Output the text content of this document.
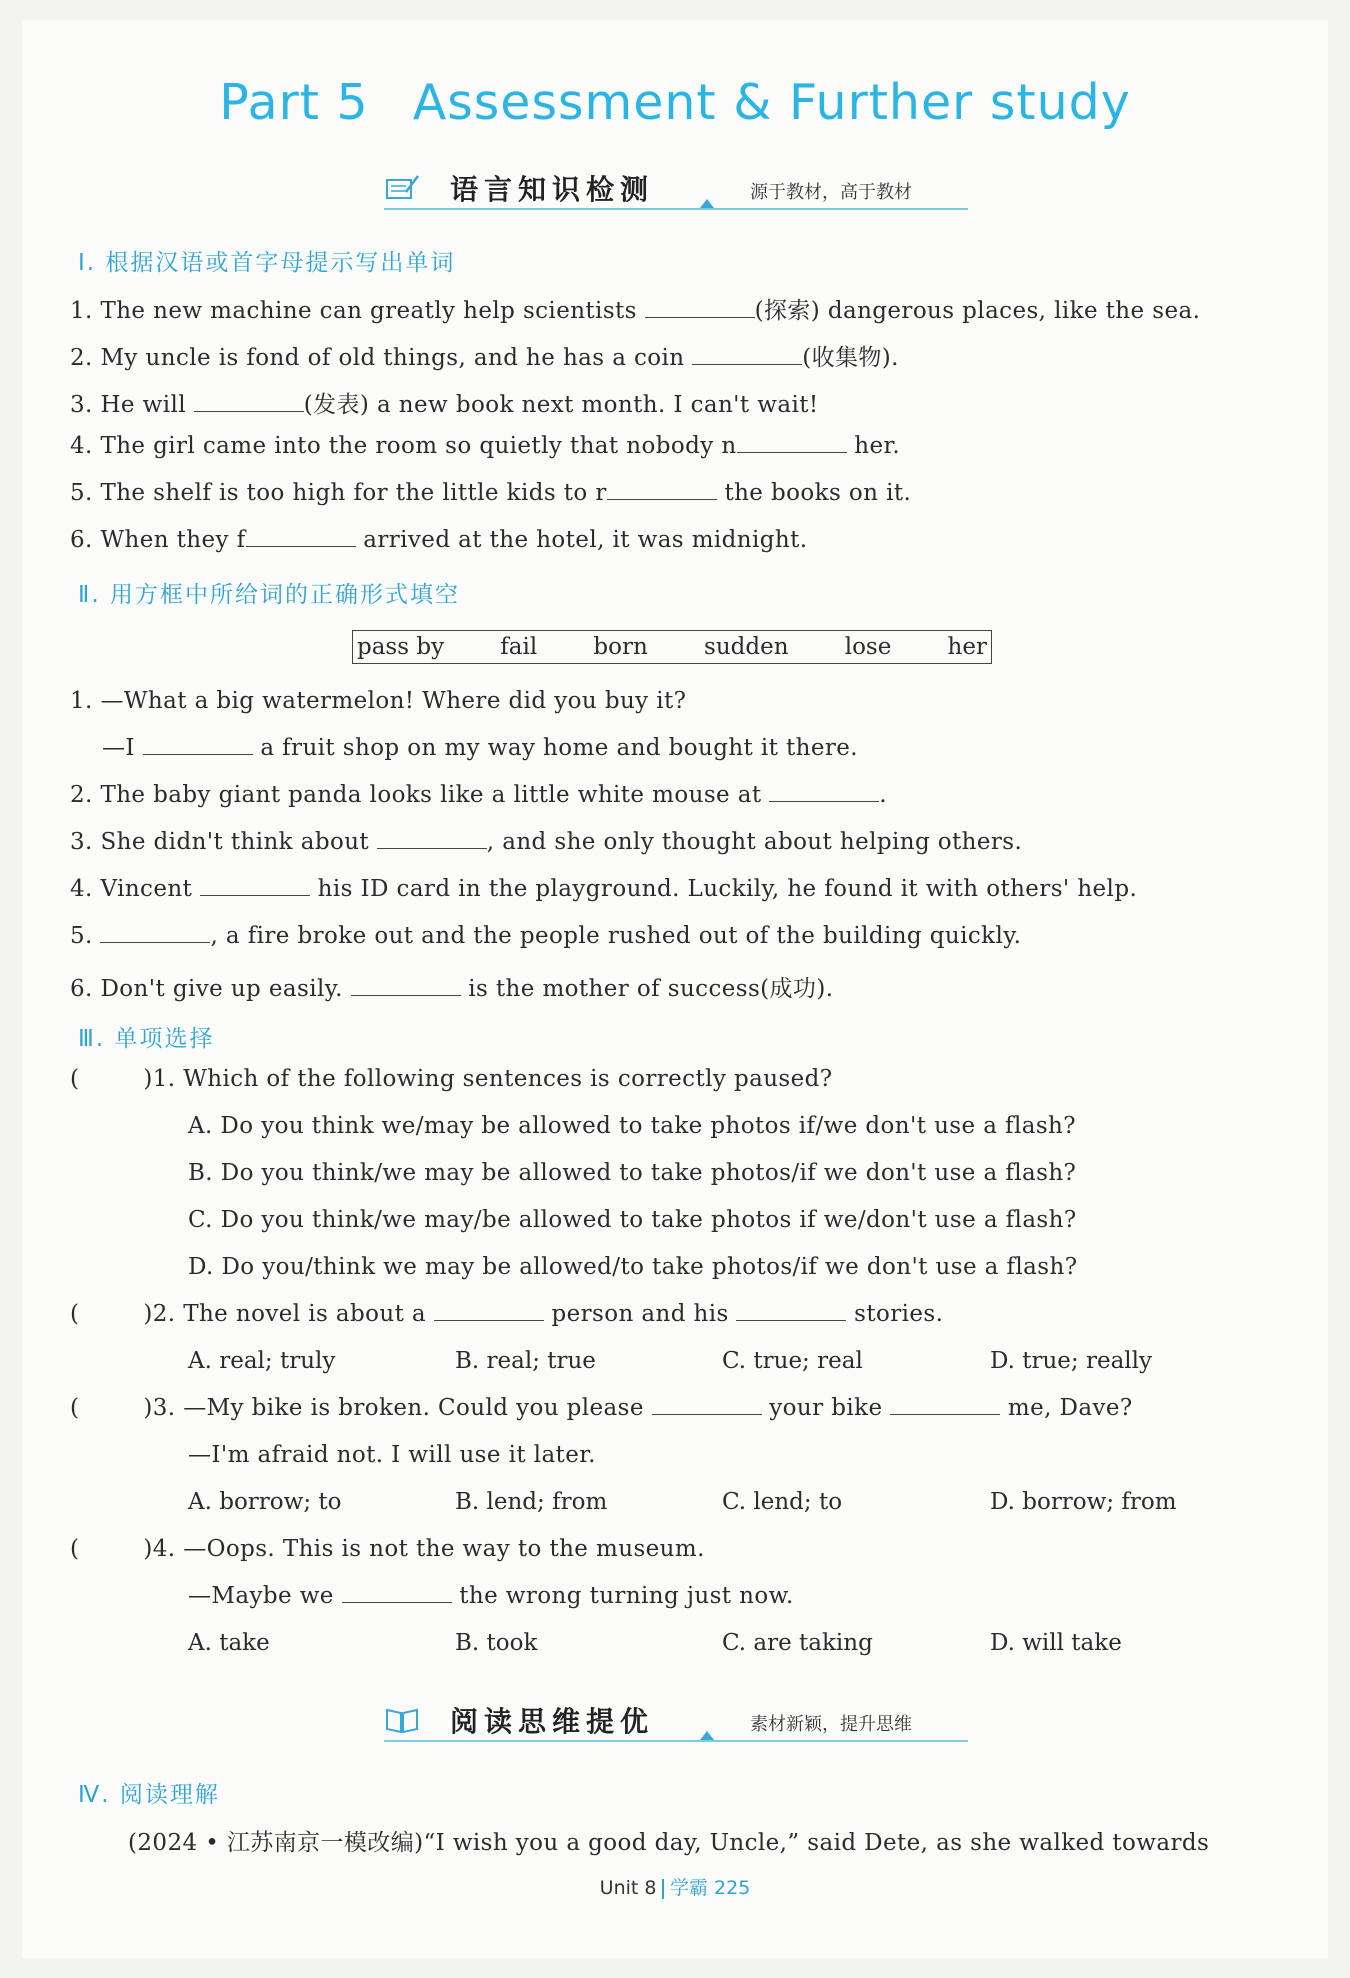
Part 5 Assessment & Further study
语言知识检测	源于教材，高于教材
Ⅰ. 根据汉语或首字母提示写出单词
1. The new machine can greatly help scientists	(探索) dangerous places, like the sea.
2. My uncle is fond of old things, and he has a coin	(收集物).
3. He will	(发表) a new book next month. I can't wait!
4. The girl came into the room so quietly that nobody n	her.
5. The shelf is too high for the little kids to r	the books on it.
6. When they f	arrived at the hotel, it was midnight.
Ⅱ. 用方框中所给词的正确形式填空
pass by fail born sudden lose her
1. —What a big watermelon! Where did you buy it?
—I	a fruit shop on my way home and bought it there.
2. The baby giant panda looks like a little white mouse at	.
3. She didn't think about	, and she only thought about helping others.
4. Vincent	his ID card in the playground. Luckily, he found it with others' help.
5.	, a fire broke out and the people rushed out of the building quickly.
6. Don't give up easily.	is the mother of success(成功).
Ⅲ. 单项选择
(	)1. Which of the following sentences is correctly paused?
A. Do you think we/may be allowed to take photos if/we don't use a flash?
B. Do you think/we may be allowed to take photos/if we don't use a flash?
C. Do you think/we may/be allowed to take photos if we/don't use a flash?
D. Do you/think we may be allowed/to take photos/if we don't use a flash?
(	)2. The novel is about a	person and his	stories.
A. real; truly	B. real; true	C. true; real	D. true; really
(	)3. —My bike is broken. Could you please	your bike	me, Dave?
—I'm afraid not. I will use it later.
A. borrow; to	B. lend; from	C. lend; to	D. borrow; from
(	)4. —Oops. This is not the way to the museum.
—Maybe we	the wrong turning just now.
A. take	B. took	C. are taking	D. will take
阅读思维提优	素材新颖，提升思维
Ⅳ. 阅读理解
(2024 • 江苏南京一模改编)“I wish you a good day, Uncle,” said Dete, as she walked towards
Unit 8 学霸 225
